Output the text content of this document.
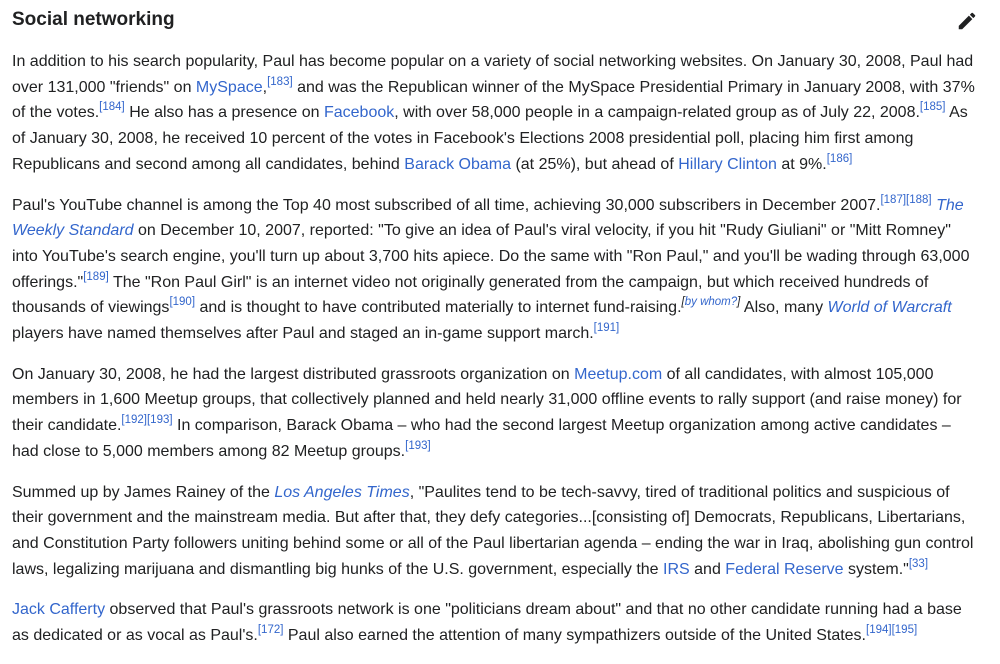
Social networking

In addition to his search popularity, Paul has become popular on a variety of social networking websites. On January 30, 2008, Paul had over 131,000 "friends" on MySpace,[183] and was the Republican winner of the MySpace Presidential Primary in January 2008, with 37% of the votes.[184] He also has a presence on Facebook, with over 58,000 people in a campaign-related group as of July 22, 2008.[185] As of January 30, 2008, he received 10 percent of the votes in Facebook's Elections 2008 presidential poll, placing him first among Republicans and second among all candidates, behind Barack Obama (at 25%), but ahead of Hillary Clinton at 9%.[186]

Paul's YouTube channel is among the Top 40 most subscribed of all time, achieving 30,000 subscribers in December 2007.[187][188] The Weekly Standard on December 10, 2007, reported: "To give an idea of Paul's viral velocity, if you hit "Rudy Giuliani" or "Mitt Romney" into YouTube's search engine, you'll turn up about 3,700 hits apiece. Do the same with "Ron Paul," and you'll be wading through 63,000 offerings."[189] The "Ron Paul Girl" is an internet video not originally generated from the campaign, but which received hundreds of thousands of viewings[190] and is thought to have contributed materially to internet fund-raising.[by whom?] Also, many World of Warcraft players have named themselves after Paul and staged an in-game support march.[191]

On January 30, 2008, he had the largest distributed grassroots organization on Meetup.com of all candidates, with almost 105,000 members in 1,600 Meetup groups, that collectively planned and held nearly 31,000 offline events to rally support (and raise money) for their candidate.[192][193] In comparison, Barack Obama – who had the second largest Meetup organization among active candidates – had close to 5,000 members among 82 Meetup groups.[193]

Summed up by James Rainey of the Los Angeles Times, "Paulites tend to be tech-savvy, tired of traditional politics and suspicious of their government and the mainstream media. But after that, they defy categories...[consisting of] Democrats, Republicans, Libertarians, and Constitution Party followers uniting behind some or all of the Paul libertarian agenda – ending the war in Iraq, abolishing gun control laws, legalizing marijuana and dismantling big hunks of the U.S. government, especially the IRS and Federal Reserve system."[33]

Jack Cafferty observed that Paul's grassroots network is one "politicians dream about" and that no other candidate running had a base as dedicated or as vocal as Paul's.[172] Paul also earned the attention of many sympathizers outside of the United States.[194][195]
